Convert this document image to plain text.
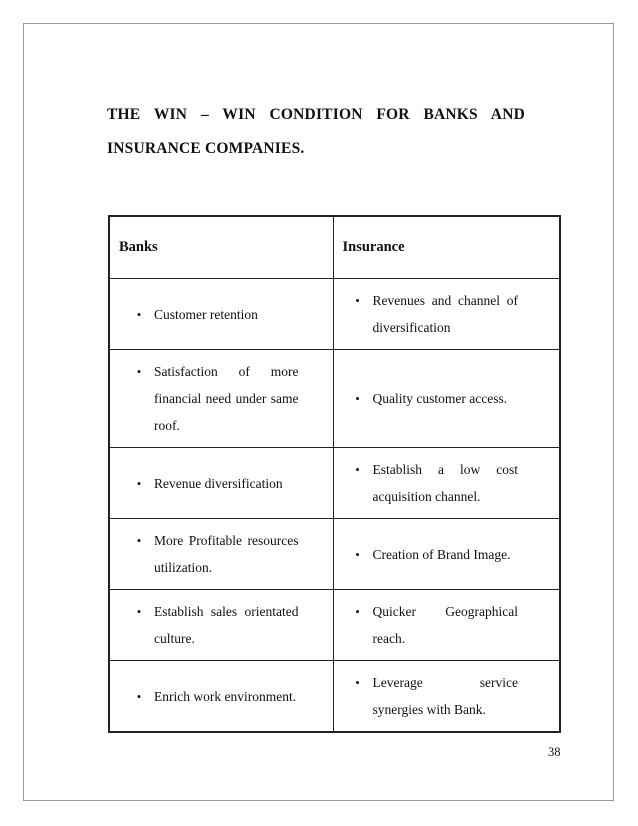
THE WIN – WIN CONDITION FOR BANKS AND INSURANCE COMPANIES.
Banks	Insurance

• Customer retention	• Revenues and channel of diversification

• Satisfaction of more financial need under same roof.	• Quality customer access.

• Revenue diversification	• Establish a low cost acquisition channel.

• More Profitable resources utilization.	• Creation of Brand Image.

• Establish sales orientated culture.	• Quicker Geographical reach.

• Enrich work environment.	• Leverage service synergies with Bank.
38
